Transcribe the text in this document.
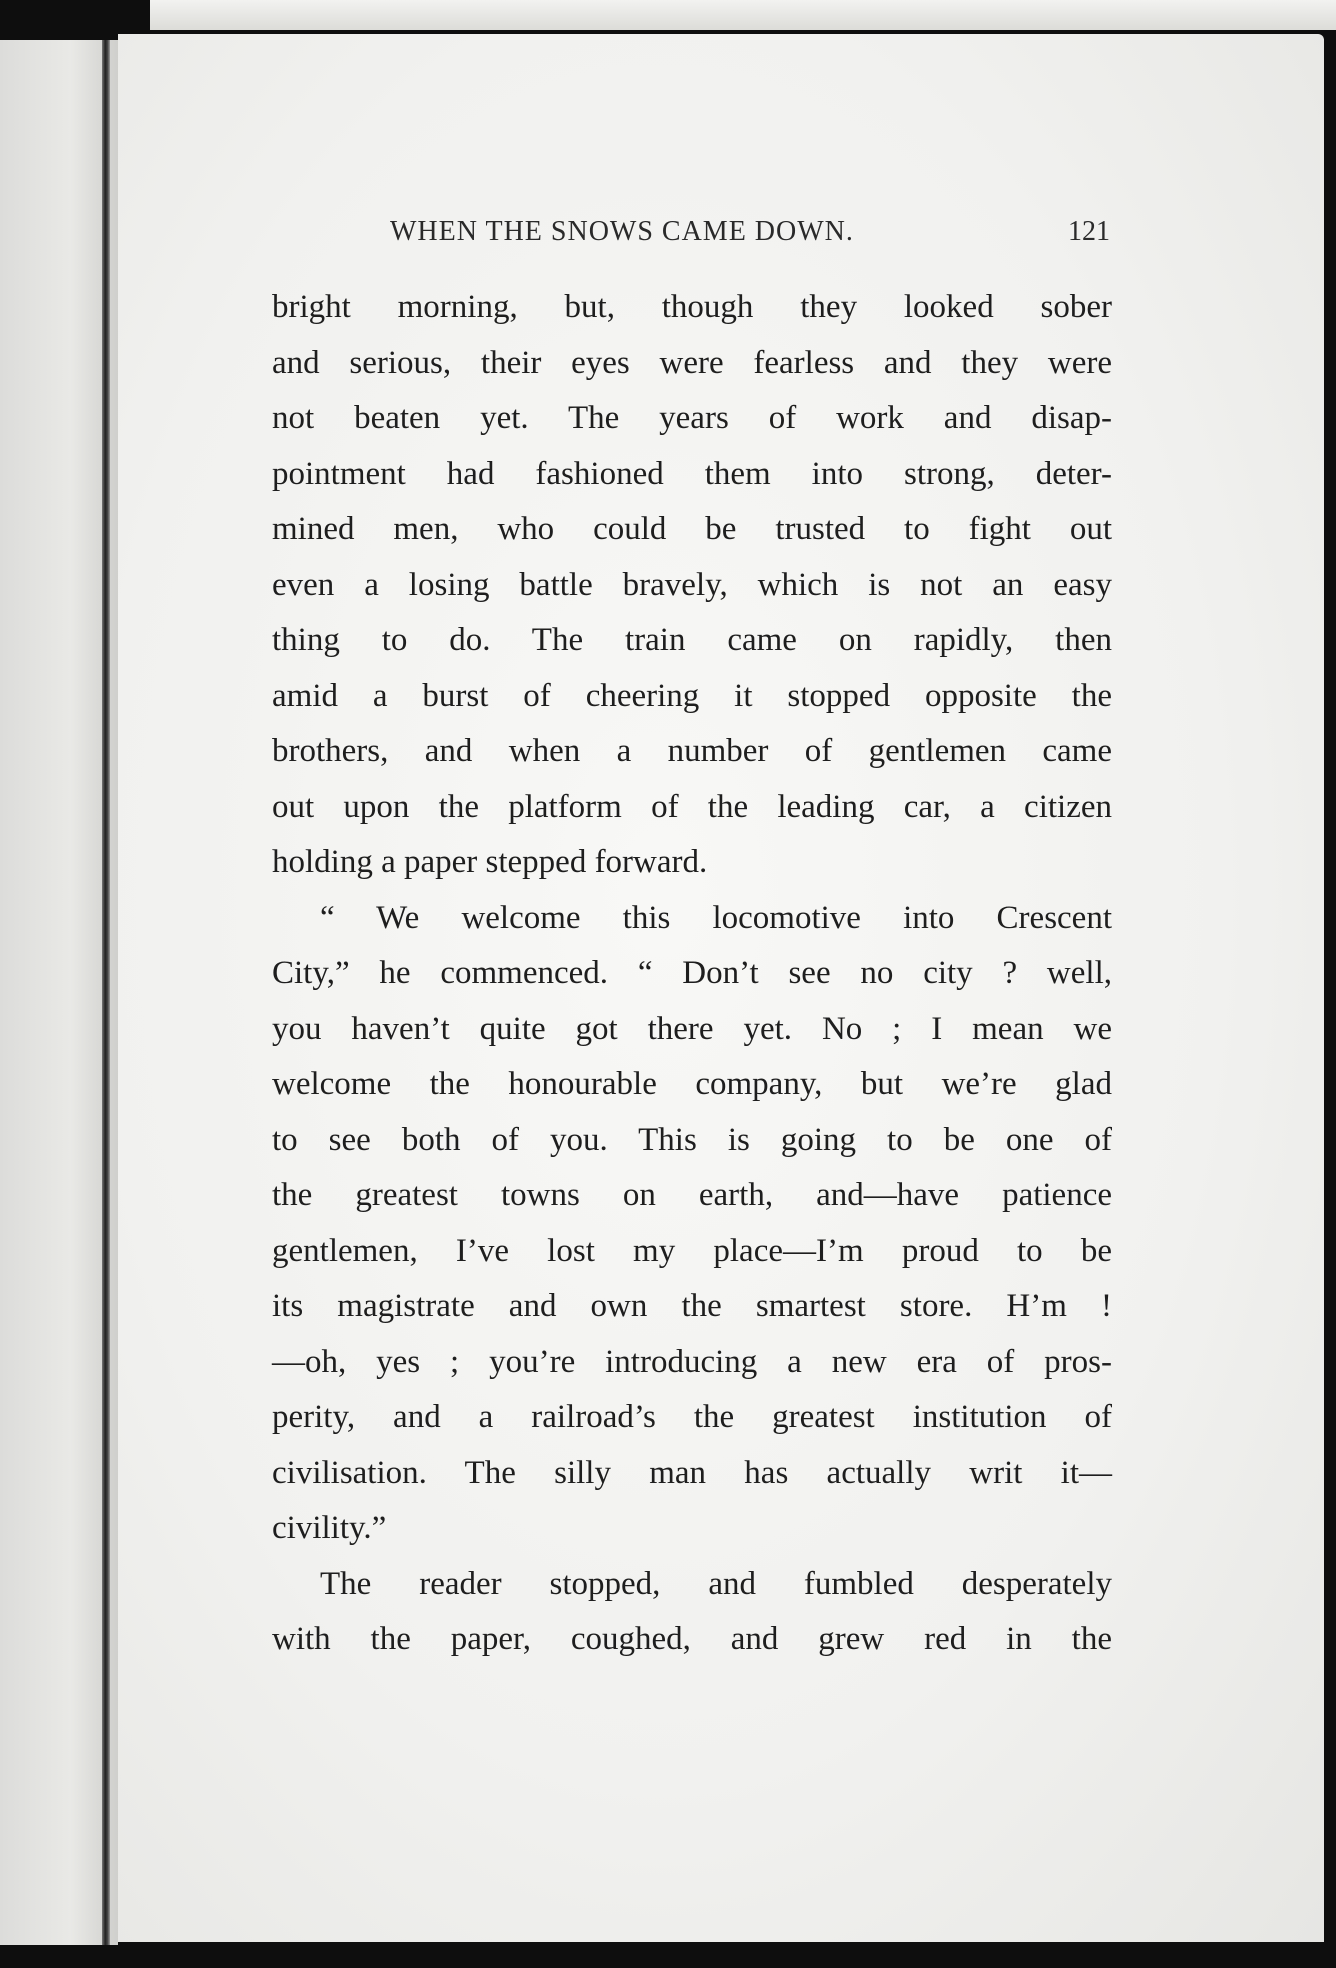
WHEN THE SNOWS CAME DOWN.	121
bright morning, but, though they looked sober
and serious, their eyes were fearless and they were
not beaten yet. The years of work and disap-
pointment had fashioned them into strong, deter-
mined men, who could be trusted to fight out
even a losing battle bravely, which is not an easy
thing to do. The train came on rapidly, then
amid a burst of cheering it stopped opposite the
brothers, and when a number of gentlemen came
out upon the platform of the leading car, a citizen
holding a paper stepped forward.
“ We welcome this locomotive into Crescent
City,” he commenced. “ Don’t see no city ? well,
you haven’t quite got there yet. No ; I mean we
welcome the honourable company, but we’re glad
to see both of you. This is going to be one of
the greatest towns on earth, and—have patience
gentlemen, I’ve lost my place—I’m proud to be
its magistrate and own the smartest store. H’m !
—oh, yes ; you’re introducing a new era of pros-
perity, and a railroad’s the greatest institution of
civilisation. The silly man has actually writ it—
civility.”
The reader stopped, and fumbled desperately
with the paper, coughed, and grew red in the
